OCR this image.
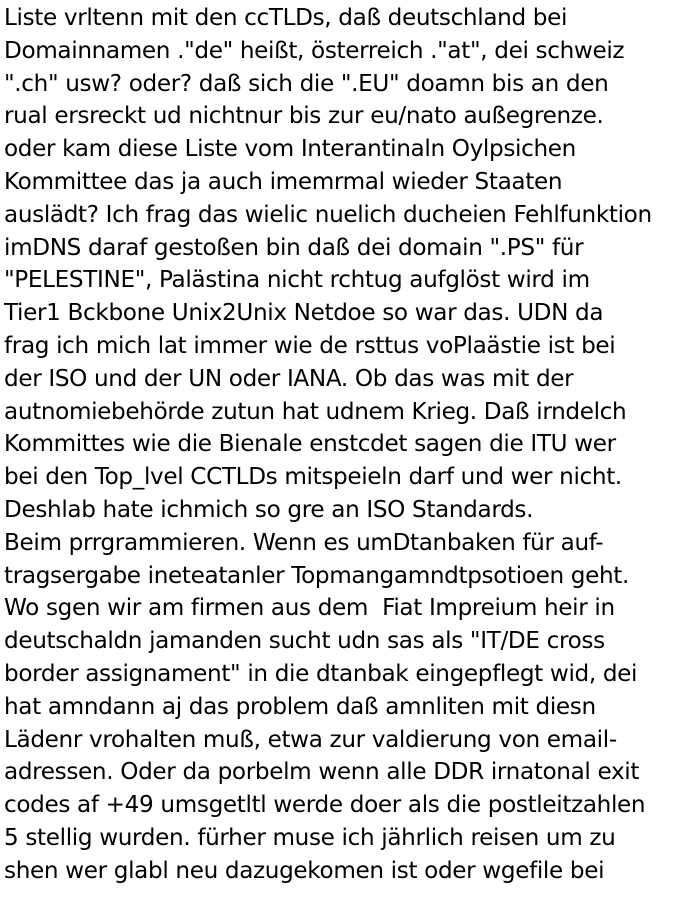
Liste vrltenn mit den ccTLDs, daß deutschland bei
Domainnamen ."de" heißt, österreich ."at", dei schweiz
".ch" usw? oder? daß sich die ".EU" doamn bis an den
rual ersreckt ud nichtnur bis zur eu/nato außegrenze.
oder kam diese Liste vom Interantinaln Oylpsichen
Kommittee das ja auch imemrmal wieder Staaten
auslädt? Ich frag das wielic nuelich ducheien Fehlfunktion
imDNS daraf gestoßen bin daß dei domain ".PS" für
"PELESTINE", Palästina nicht rchtug aufglöst wird im
Tier1 Bckbone Unix2Unix Netdoe so war das. UDN da
frag ich mich lat immer wie de rsttus voPlaästie ist bei
der ISO und der UN oder IANA. Ob das was mit der
autnomiebehörde zutun hat udnem Krieg. Daß irndelch
Kommittes wie die Bienale enstcdet sagen die ITU wer
bei den Top_lvel CCTLDs mitspeieln darf und wer nicht.
Deshlab hate ichmich so gre an ISO Standards.
Beim prrgrammieren. Wenn es umDtanbaken für auf-
tragsergabe ineteatanler Topmangamndtpsotioen geht.
Wo sgen wir am firmen aus dem  Fiat Impreium heir in
deutschaldn jamanden sucht udn sas als "IT/DE cross
border assignament" in die dtanbak eingepflegt wid, dei
hat amndann aj das problem daß amnliten mit diesn
Lädenr vrohalten muß, etwa zur valdierung von email-
adressen. Oder da porbelm wenn alle DDR irnatonal exit
codes af +49 umsgetltl werde doer als die postleitzahlen
5 stellig wurden. fürher muse ich jährlich reisen um zu
shen wer glabl neu dazugekomen ist oder wgefile bei
